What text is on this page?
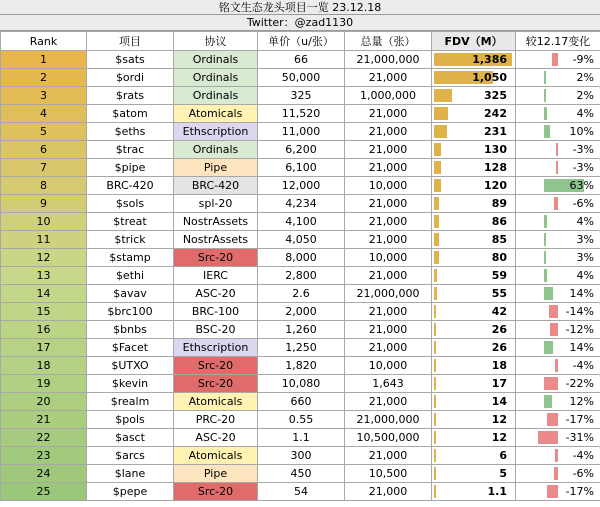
铭文生态龙头项目一览 23.12.18
Twitter：@zad1130
Rank	项目	协议	单价（u/张）	总量（张）	FDV（M）	较12.17变化
1	$sats	Ordinals	66	21,000,000	1,386	-9%
2	$ordi	Ordinals	50,000	21,000	1,050	2%
3	$rats	Ordinals	325	1,000,000	325	2%
4	$atom	Atomicals	11,520	21,000	242	4%
5	$eths	Ethscription	11,000	21,000	231	10%
6	$trac	Ordinals	6,200	21,000	130	-3%
7	$pipe	Pipe	6,100	21,000	128	-3%
8	BRC-420	BRC-420	12,000	10,000	120	63%
9	$sols	spl-20	4,234	21,000	89	-6%
10	$treat	NostrAssets	4,100	21,000	86	4%
11	$trick	NostrAssets	4,050	21,000	85	3%
12	$stamp	Src-20	8,000	10,000	80	3%
13	$ethi	IERC	2,800	21,000	59	4%
14	$avav	ASC-20	2.6	21,000,000	55	14%
15	$brc100	BRC-100	2,000	21,000	42	-14%
16	$bnbs	BSC-20	1,260	21,000	26	-12%
17	$Facet	Ethscription	1,250	21,000	26	14%
18	$UTXO	Src-20	1,820	10,000	18	-4%
19	$kevin	Src-20	10,080	1,643	17	-22%
20	$realm	Atomicals	660	21,000	14	12%
21	$pols	PRC-20	0.55	21,000,000	12	-17%
22	$asct	ASC-20	1.1	10,500,000	12	-31%
23	$arcs	Atomicals	300	21,000	6	-4%
24	$lane	Pipe	450	10,500	5	-6%
25	$pepe	Src-20	54	21,000	1.1	-17%
